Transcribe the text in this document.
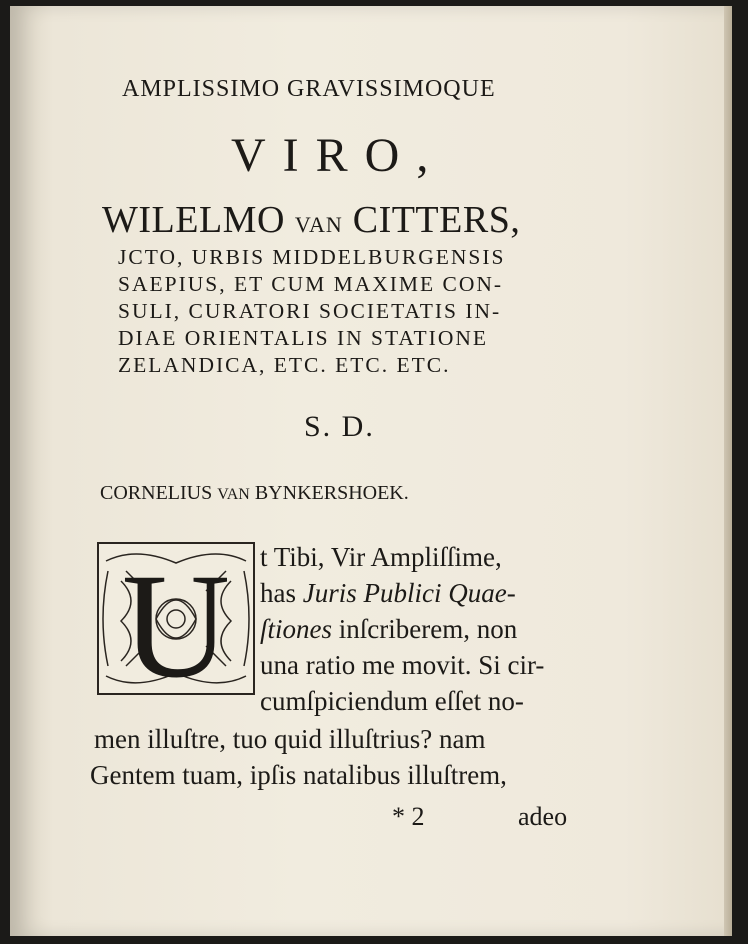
AMPLISSIMO GRAVISSIMOQUE
VIRO,
WILELMO VAN CITTERS,
JCTO, URBIS MIDDELBURGENSIS
SAEPIUS, ET CUM MAXIME CON-
SULI, CURATORI SOCIETATIS IN-
DIAE ORIENTALIS IN STATIONE
ZELANDICA, ETC. ETC. ETC.
S. D.
CORNELIUS VAN BYNKERSHOEK.
U t Tibi, Vir Ampliſſime,
has Juris Publici Quae-
ſtiones inſcriberem, non
una ratio me movit. Si cir-
cumſpiciendum eſſet no-
men illuſtre, tuo quid illuſtrius? nam
Gentem tuam, ipſis natalibus illuſtrem,
* 2	adeo
